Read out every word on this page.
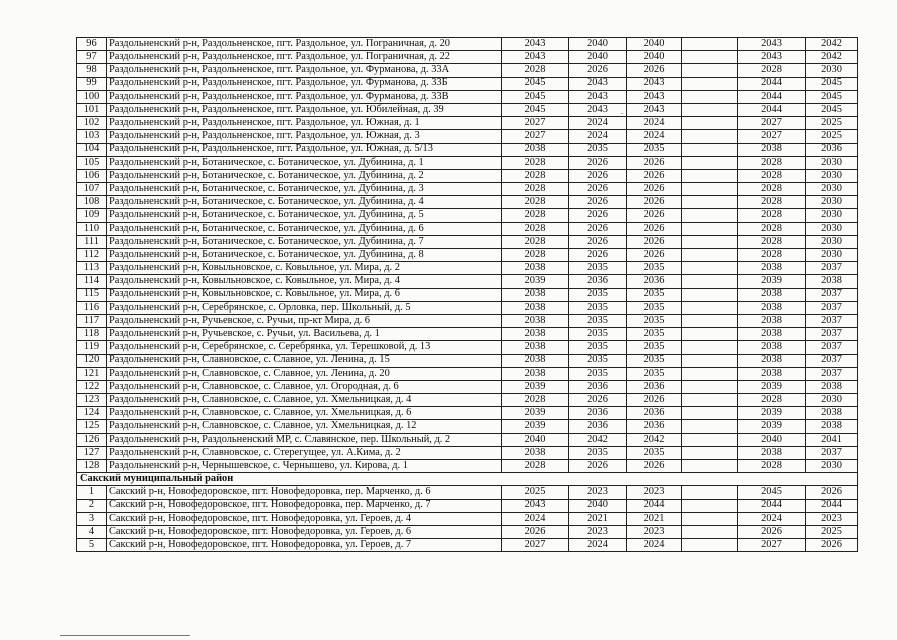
96	Раздольненский р-н, Раздольненское, пгт. Раздольное, ул. Пограничная, д. 20	2043	2040	2040		2043	2042
97	Раздольненский р-н, Раздольненское, пгт. Раздольное, ул. Пограничная, д. 22	2043	2040	2040		2043	2042
98	Раздольненский р-н, Раздольненское, пгт. Раздольное, ул. Фурманова, д. 33А	2028	2026	2026		2028	2030
99	Раздольненский р-н, Раздольненское, пгт. Раздольное, ул. Фурманова, д. 33Б	2045	2043	2043		2044	2045
100	Раздольненский р-н, Раздольненское, пгт. Раздольное, ул. Фурманова, д. 33В	2045	2043	2043		2044	2045
101	Раздольненский р-н, Раздольненское, пгт. Раздольное, ул. Юбилейная, д. 39	2045	2043	2043		2044	2045
102	Раздольненский р-н, Раздольненское, пгт. Раздольное, ул. Южная, д. 1	2027	2024	2024		2027	2025
103	Раздольненский р-н, Раздольненское, пгт. Раздольное, ул. Южная, д. 3	2027	2024	2024		2027	2025
104	Раздольненский р-н, Раздольненское, пгт. Раздольное, ул. Южная, д. 5/13	2038	2035	2035		2038	2036
105	Раздольненский р-н, Ботаническое, с. Ботаническое, ул. Дубинина, д. 1	2028	2026	2026		2028	2030
106	Раздольненский р-н, Ботаническое, с. Ботаническое, ул. Дубинина, д. 2	2028	2026	2026		2028	2030
107	Раздольненский р-н, Ботаническое, с. Ботаническое, ул. Дубинина, д. 3	2028	2026	2026		2028	2030
108	Раздольненский р-н, Ботаническое, с. Ботаническое, ул. Дубинина, д. 4	2028	2026	2026		2028	2030
109	Раздольненский р-н, Ботаническое, с. Ботаническое, ул. Дубинина, д. 5	2028	2026	2026		2028	2030
110	Раздольненский р-н, Ботаническое, с. Ботаническое, ул. Дубинина, д. 6	2028	2026	2026		2028	2030
111	Раздольненский р-н, Ботаническое, с. Ботаническое, ул. Дубинина, д. 7	2028	2026	2026		2028	2030
112	Раздольненский р-н, Ботаническое, с. Ботаническое, ул. Дубинина, д. 8	2028	2026	2026		2028	2030
113	Раздольненский р-н, Ковыльновское, с. Ковыльное, ул. Мира, д. 2	2038	2035	2035		2038	2037
114	Раздольненский р-н, Ковыльновское, с. Ковыльное, ул. Мира, д. 4	2039	2036	2036		2039	2038
115	Раздольненский р-н, Ковыльновское, с. Ковыльное, ул. Мира, д. 6	2038	2035	2035		2038	2037
116	Раздольненский р-н, Серебрянское, с. Орловка, пер. Школьный, д. 5	2038	2035	2035		2038	2037
117	Раздольненский р-н, Ручьевское, с. Ручьи, пр-кт Мира, д. 6	2038	2035	2035		2038	2037
118	Раздольненский р-н, Ручьевское, с. Ручьи, ул. Васильева, д. 1	2038	2035	2035		2038	2037
119	Раздольненский р-н, Серебрянское, с. Серебрянка, ул. Терешковой, д. 13	2038	2035	2035		2038	2037
120	Раздольненский р-н, Славновское, с. Славное, ул. Ленина, д. 15	2038	2035	2035		2038	2037
121	Раздольненский р-н, Славновское, с. Славное, ул. Ленина, д. 20	2038	2035	2035		2038	2037
122	Раздольненский р-н, Славновское, с. Славное, ул. Огородная, д. 6	2039	2036	2036		2039	2038
123	Раздольненский р-н, Славновское, с. Славное, ул. Хмельницкая, д. 4	2028	2026	2026		2028	2030
124	Раздольненский р-н, Славновское, с. Славное, ул. Хмельницкая, д. 6	2039	2036	2036		2039	2038
125	Раздольненский р-н, Славновское, с. Славное, ул. Хмельницкая, д. 12	2039	2036	2036		2039	2038
126	Раздольненский р-н, Раздольненский МР, с. Славянское, пер. Школьный, д. 2	2040	2042	2042		2040	2041
127	Раздольненский р-н, Славновское, с. Стерегущее, ул. А.Кима, д. 2	2038	2035	2035		2038	2037
128	Раздольненский р-н, Чернышевское, с. Чернышево, ул. Кирова, д. 1	2028	2026	2026		2028	2030
Сакский муниципальный район							
1	Сакский р-н, Новофедоровское, пгт. Новофедоровка, пер. Марченко, д. 6	2025	2023	2023		2045	2026
2	Сакский р-н, Новофедоровское, пгт. Новофедоровка, пер. Марченко, д. 7	2043	2040	2044		2044	2044
3	Сакский р-н, Новофедоровское, пгт. Новофедоровка, ул. Героев, д. 4	2024	2021	2021		2024	2023
4	Сакский р-н, Новофедоровское, пгт. Новофедоровка, ул. Героев, д. 6	2026	2023	2023		2026	2025
5	Сакский р-н, Новофедоровское, пгт. Новофедоровка, ул. Героев, д. 7	2027	2024	2024		2027	2026
ˇ
